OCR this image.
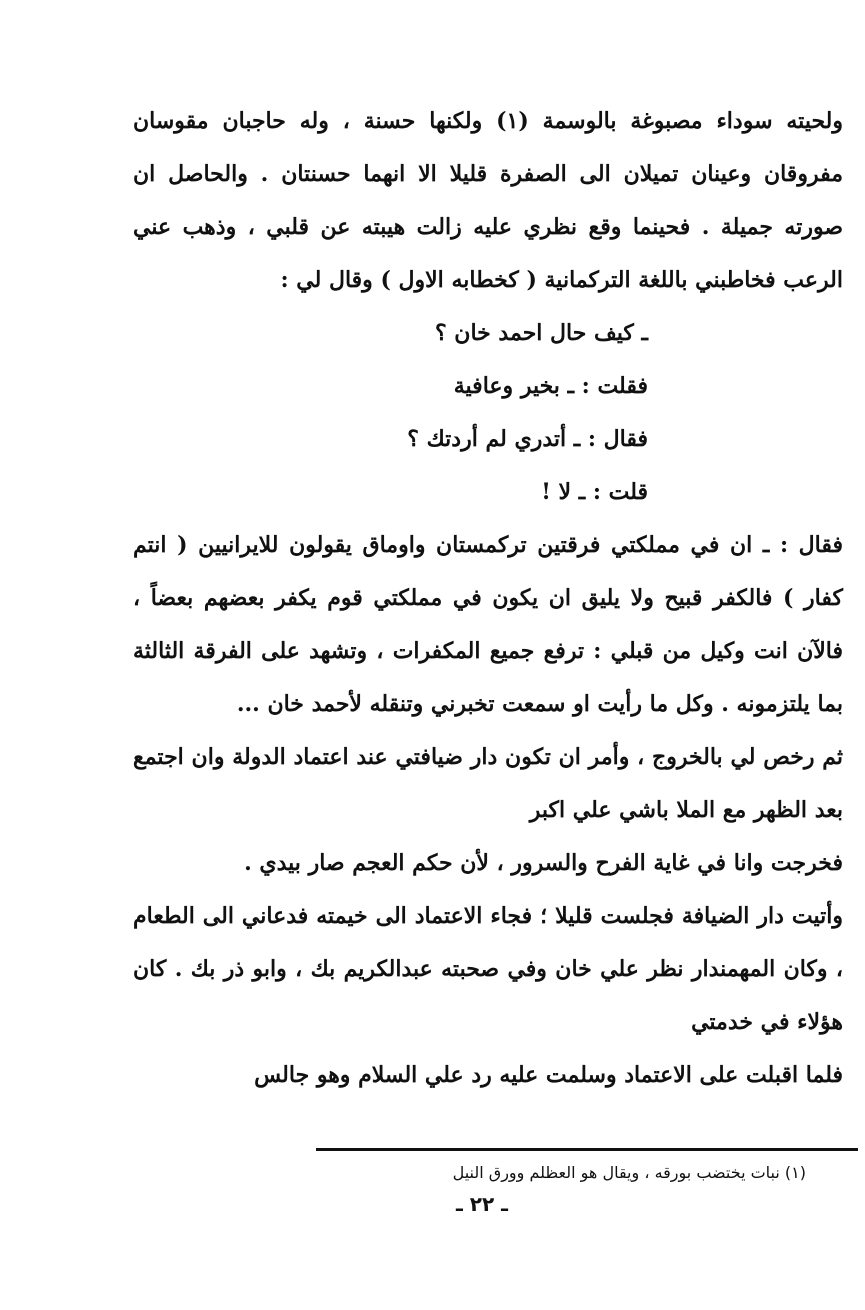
ولحيته سوداء مصبوغة بالوسمة (١) ولكنها حسنة ، وله حاجبان مقوسان مفروقان وعينان تميلان الى الصفرة قليلا الا انهما حسنتان . والحاصل ان صورته جميلة . فحينما وقع نظري عليه زالت هيبته عن قلبي ، وذهب عني الرعب فخاطبني باللغة التركمانية ( كخطابه الاول ) وقال لي :

ـ كيف حال احمد خان ؟

فقلت : ـ بخير وعافية

فقال : ـ أتدري لم أردتك ؟

قلت : ـ لا !

فقال : ـ ان في مملكتي فرقتين تركمستان واوماق يقولون للايرانيين ( انتم كفار ) فالكفر قبيح ولا يليق ان يكون في مملكتي قوم يكفر بعضهم بعضاً ، فالآن انت وكيل من قبلي : ترفع جميع المكفرات ، وتشهد على الفرقة الثالثة بما يلتزمونه . وكل ما رأيت او سمعت تخبرني وتنقله لأحمد خان ...

ثم رخص لي بالخروج ، وأمر ان تكون دار ضيافتي عند اعتماد الدولة وان اجتمع بعد الظهر مع الملا باشي علي اكبر

فخرجت وانا في غاية الفرح والسرور ، لأن حكم العجم صار بيدي .

وأتيت دار الضيافة فجلست قليلا ؛ فجاء الاعتماد الى خيمته فدعاني الى الطعام ، وكان المهمندار نظر علي خان وفي صحبته عبدالكريم بك ، وابو ذر بك . كان هؤلاء في خدمتي

فلما اقبلت على الاعتماد وسلمت عليه رد علي السلام وهو جالس

(١) نبات يختضب بورقه ، ويقال هو العظلم وورق النيل
ـ ٢٢ ـ
